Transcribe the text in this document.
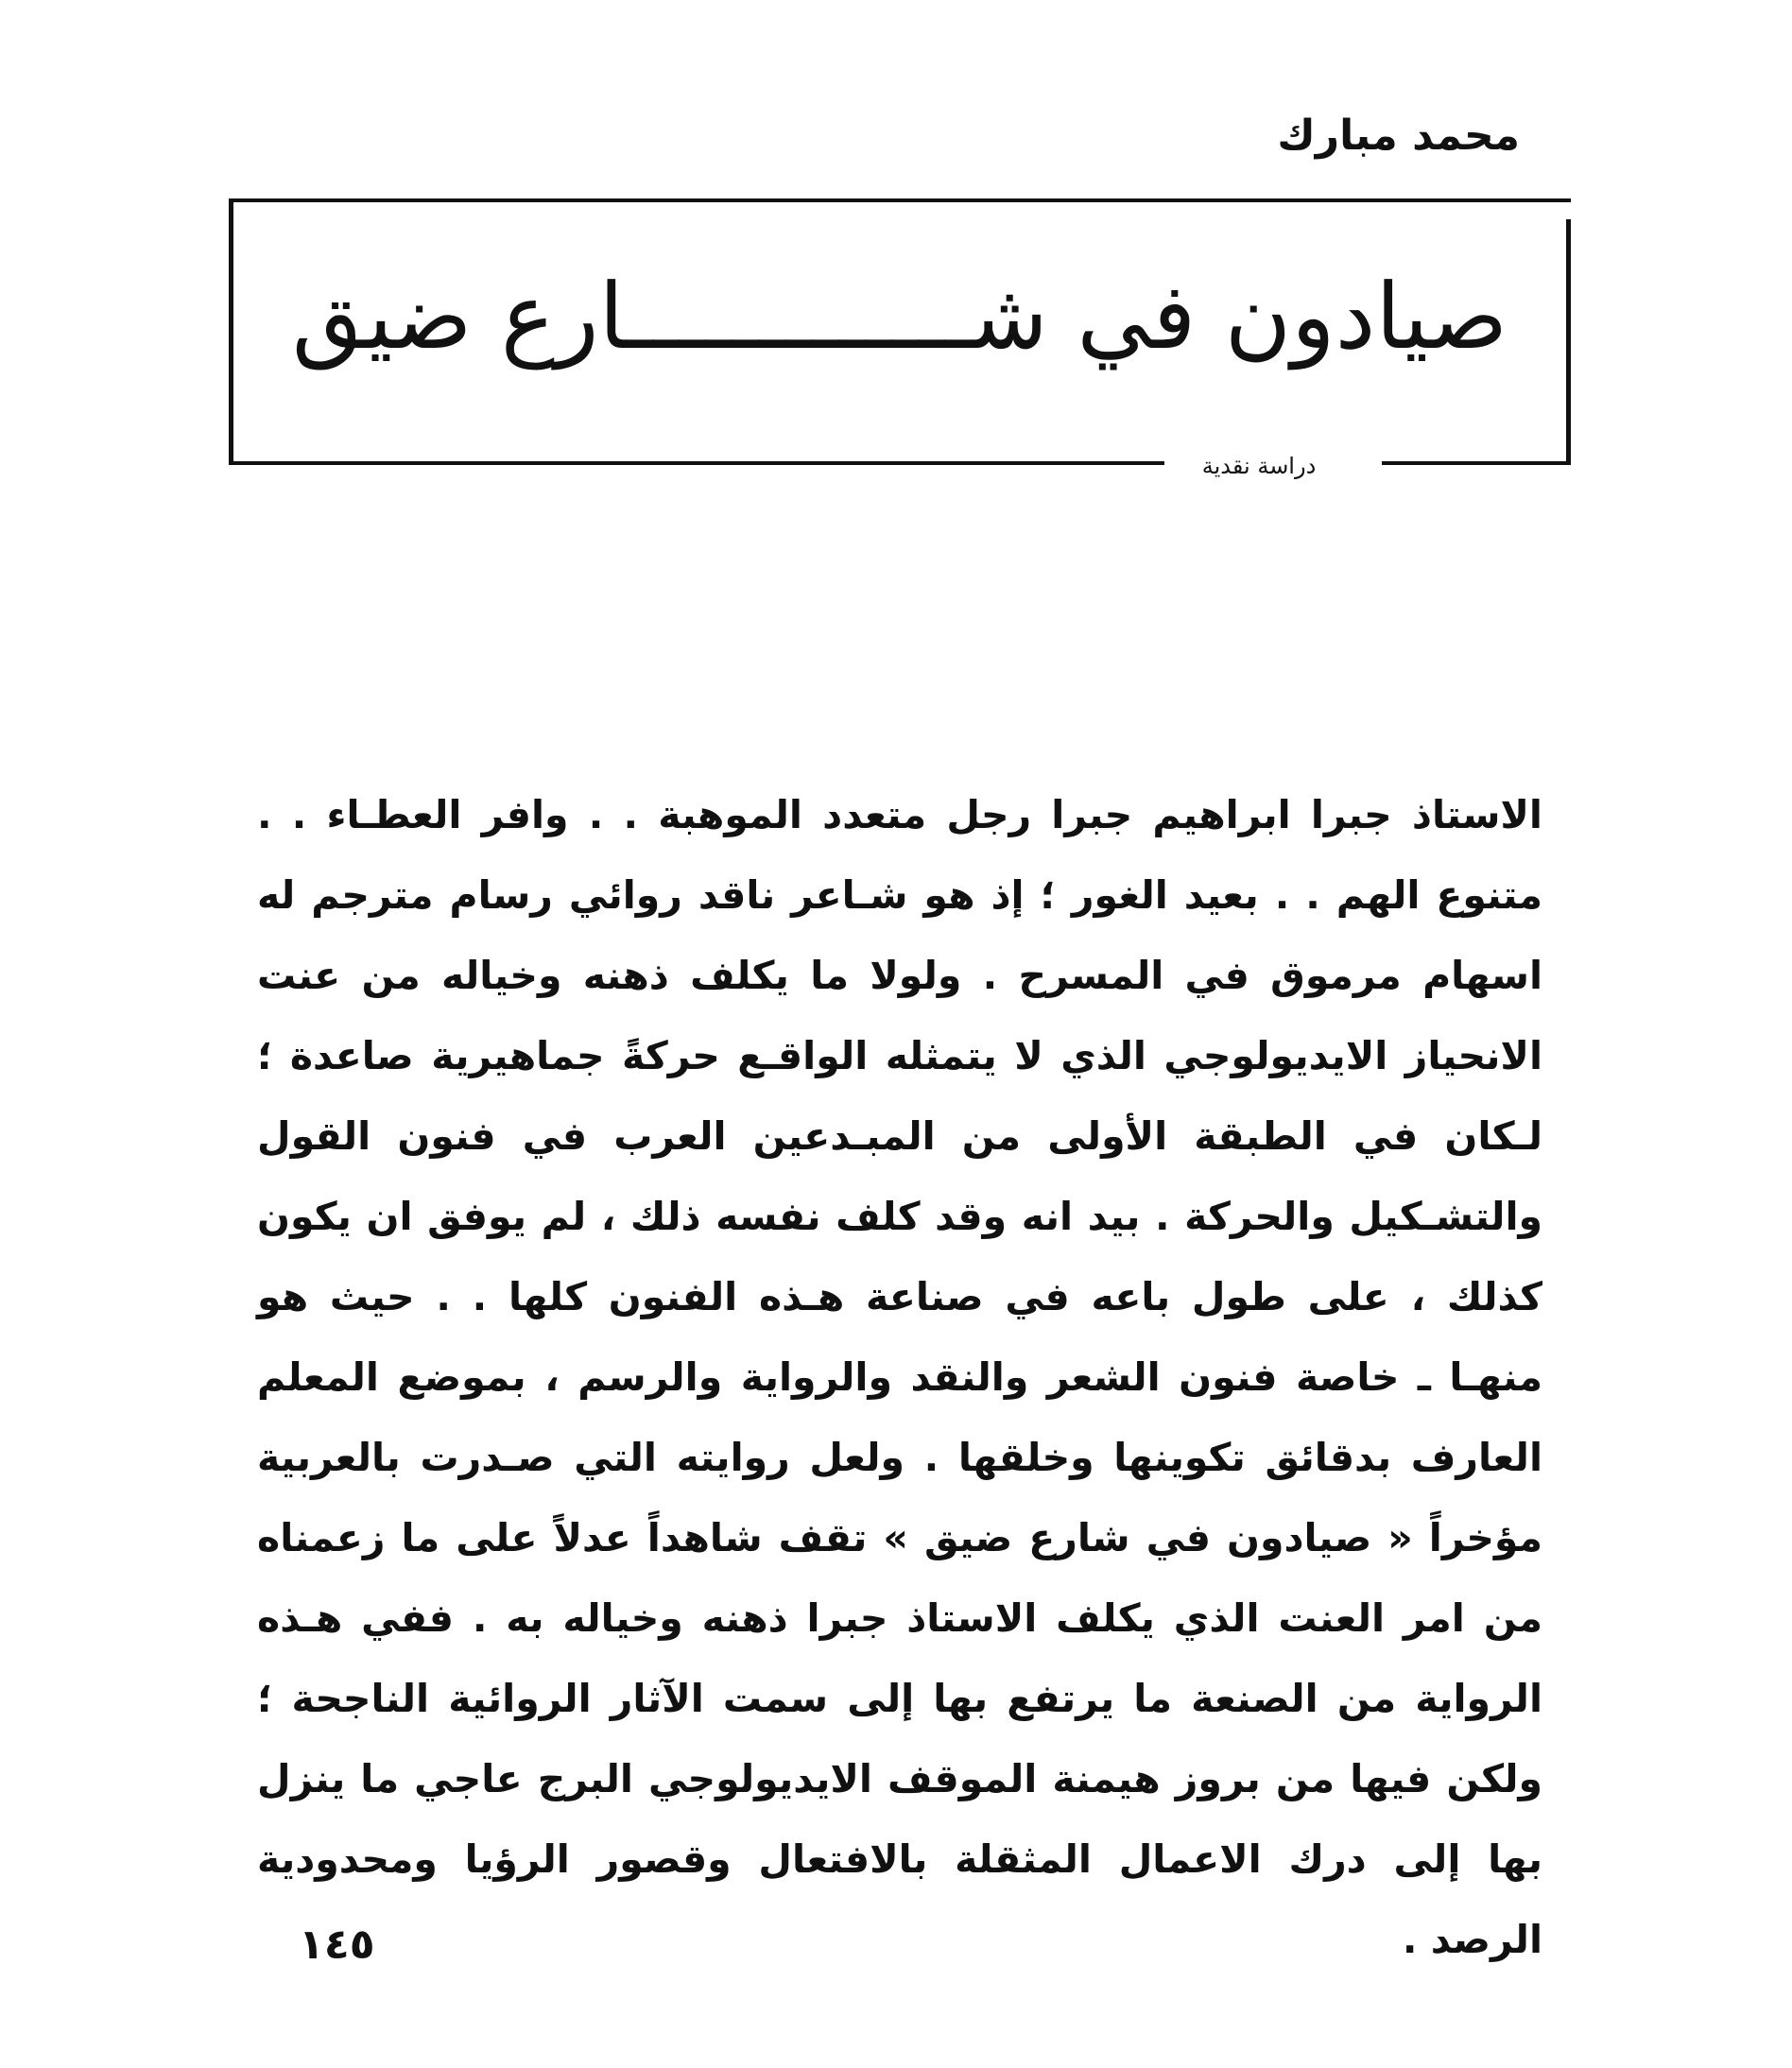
محمد مبارك
صيادون في شـــــــــــــارع ضيق
دراسة نقدية

الاستاذ جبرا ابراهيم جبرا رجل متعدد الموهبة . . وافر العطـاء . . متنوع الهم . . بعيد الغور ؛ إذ هو شـاعر ناقد روائي رسام مترجم له اسهام مرموق في المسرح . ولولا ما يكلف ذهنه وخياله من عنت الانحياز الايديولوجي الذي لا يتمثله الواقـع حركةً جماهيرية صاعدة ؛ لـكان في الطبقة الأولى من المبـدعين العرب في فنون القول والتشـكيل والحركة . بيد انه وقد كلف نفسه ذلك ، لم يوفق ان يكون كذلك ، على طول باعه في صناعة هـذه الفنون كلها . . حيث هو منهـا ـ خاصة فنون الشعر والنقد والرواية والرسم ، بموضع المعلم العارف بدقائق تكوينها وخلقها . ولعل روايته التي صـدرت بالعربية مؤخراً « صيادون في شارع ضيق » تقف شاهداً عدلاً على ما زعمناه من امر العنت الذي يكلف الاستاذ جبرا ذهنه وخياله به . ففي هـذه الرواية من الصنعة ما يرتفع بها إلى سمت الآثار الروائية الناجحة ؛ ولكن فيها من بروز هيمنة الموقف الايديولوجي البرج عاجي ما ينزل بها إلى درك الاعمال المثقلة بالافتعال وقصور الرؤيا ومحدودية الرصد .

١٤٥
